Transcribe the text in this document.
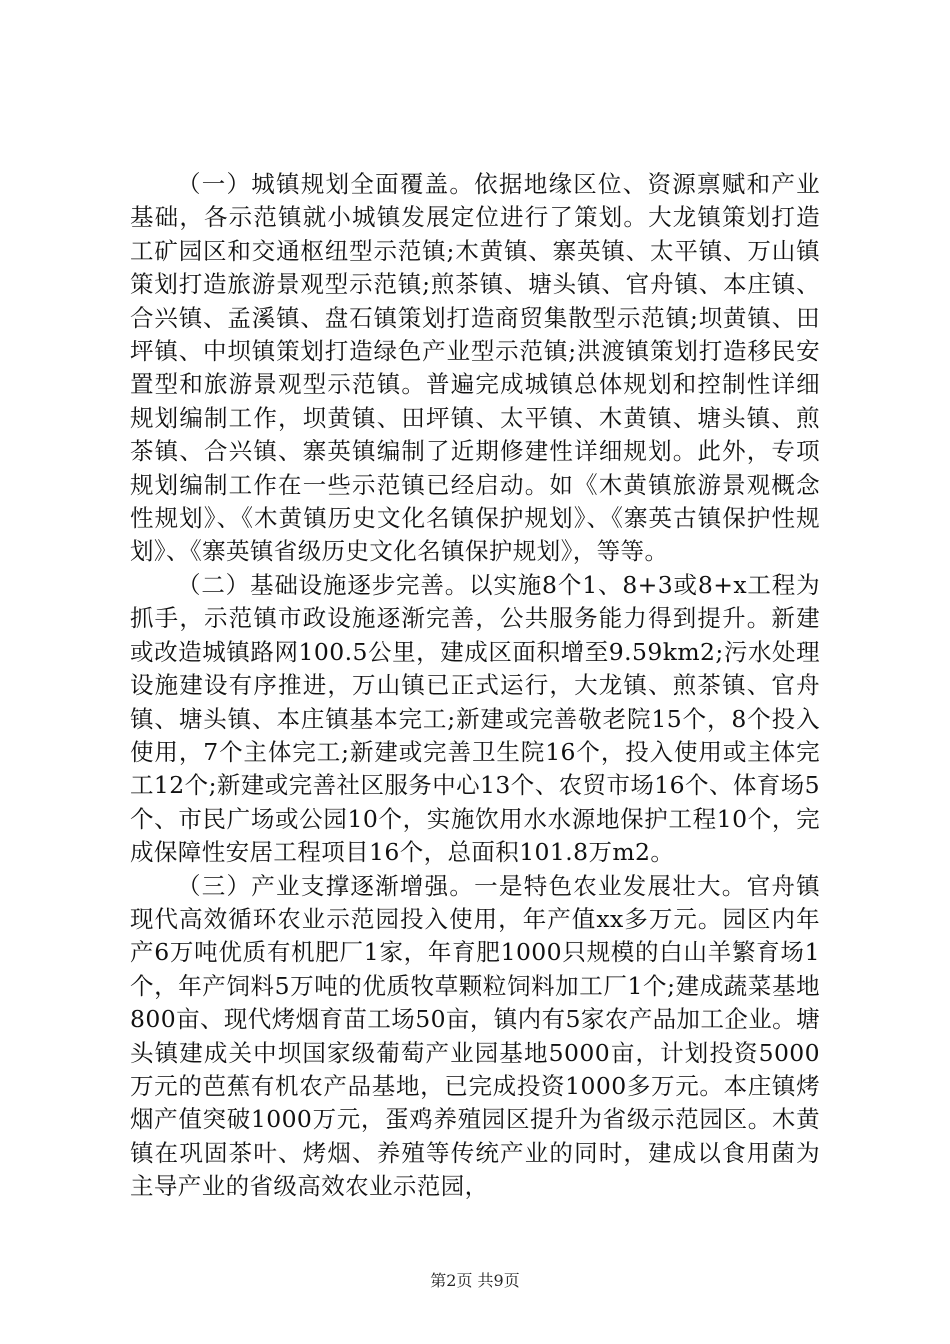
（一）城镇规划全面覆盖。依据地缘区位、资源禀赋和产业基础，各示范镇就小城镇发展定位进行了策划。大龙镇策划打造工矿园区和交通枢纽型示范镇;木黄镇、寨英镇、太平镇、万山镇策划打造旅游景观型示范镇;煎茶镇、塘头镇、官舟镇、本庄镇、合兴镇、孟溪镇、盘石镇策划打造商贸集散型示范镇;坝黄镇、田坪镇、中坝镇策划打造绿色产业型示范镇;洪渡镇策划打造移民安置型和旅游景观型示范镇。普遍完成城镇总体规划和控制性详细规划编制工作，坝黄镇、田坪镇、太平镇、木黄镇、塘头镇、煎茶镇、合兴镇、寨英镇编制了近期修建性详细规划。此外，专项规划编制工作在一些示范镇已经启动。如《木黄镇旅游景观概念性规划》、《木黄镇历史文化名镇保护规划》、《寨英古镇保护性规划》、《寨英镇省级历史文化名镇保护规划》，等等。

（二）基础设施逐步完善。以实施8个1、8+3或8+x工程为抓手，示范镇市政设施逐渐完善，公共服务能力得到提升。新建或改造城镇路网100.5公里，建成区面积增至9.59km2;污水处理设施建设有序推进，万山镇已正式运行，大龙镇、煎茶镇、官舟镇、塘头镇、本庄镇基本完工;新建或完善敬老院15个，8个投入使用，7个主体完工;新建或完善卫生院16个，投入使用或主体完工12个;新建或完善社区服务中心13个、农贸市场16个、体育场5个、市民广场或公园10个，实施饮用水水源地保护工程10个，完成保障性安居工程项目16个，总面积101.8万m2。

（三）产业支撑逐渐增强。一是特色农业发展壮大。官舟镇现代高效循环农业示范园投入使用，年产值xx多万元。园区内年产6万吨优质有机肥厂1家，年育肥1000只规模的白山羊繁育场1个，年产饲料5万吨的优质牧草颗粒饲料加工厂1个;建成蔬菜基地800亩、现代烤烟育苗工场50亩，镇内有5家农产品加工企业。塘头镇建成关中坝国家级葡萄产业园基地5000亩，计划投资5000万元的芭蕉有机农产品基地，已完成投资1000多万元。本庄镇烤烟产值突破1000万元，蛋鸡养殖园区提升为省级示范园区。木黄镇在巩固茶叶、烤烟、养殖等传统产业的同时，建成以食用菌为主导产业的省级高效农业示范园，

第2页 共9页
